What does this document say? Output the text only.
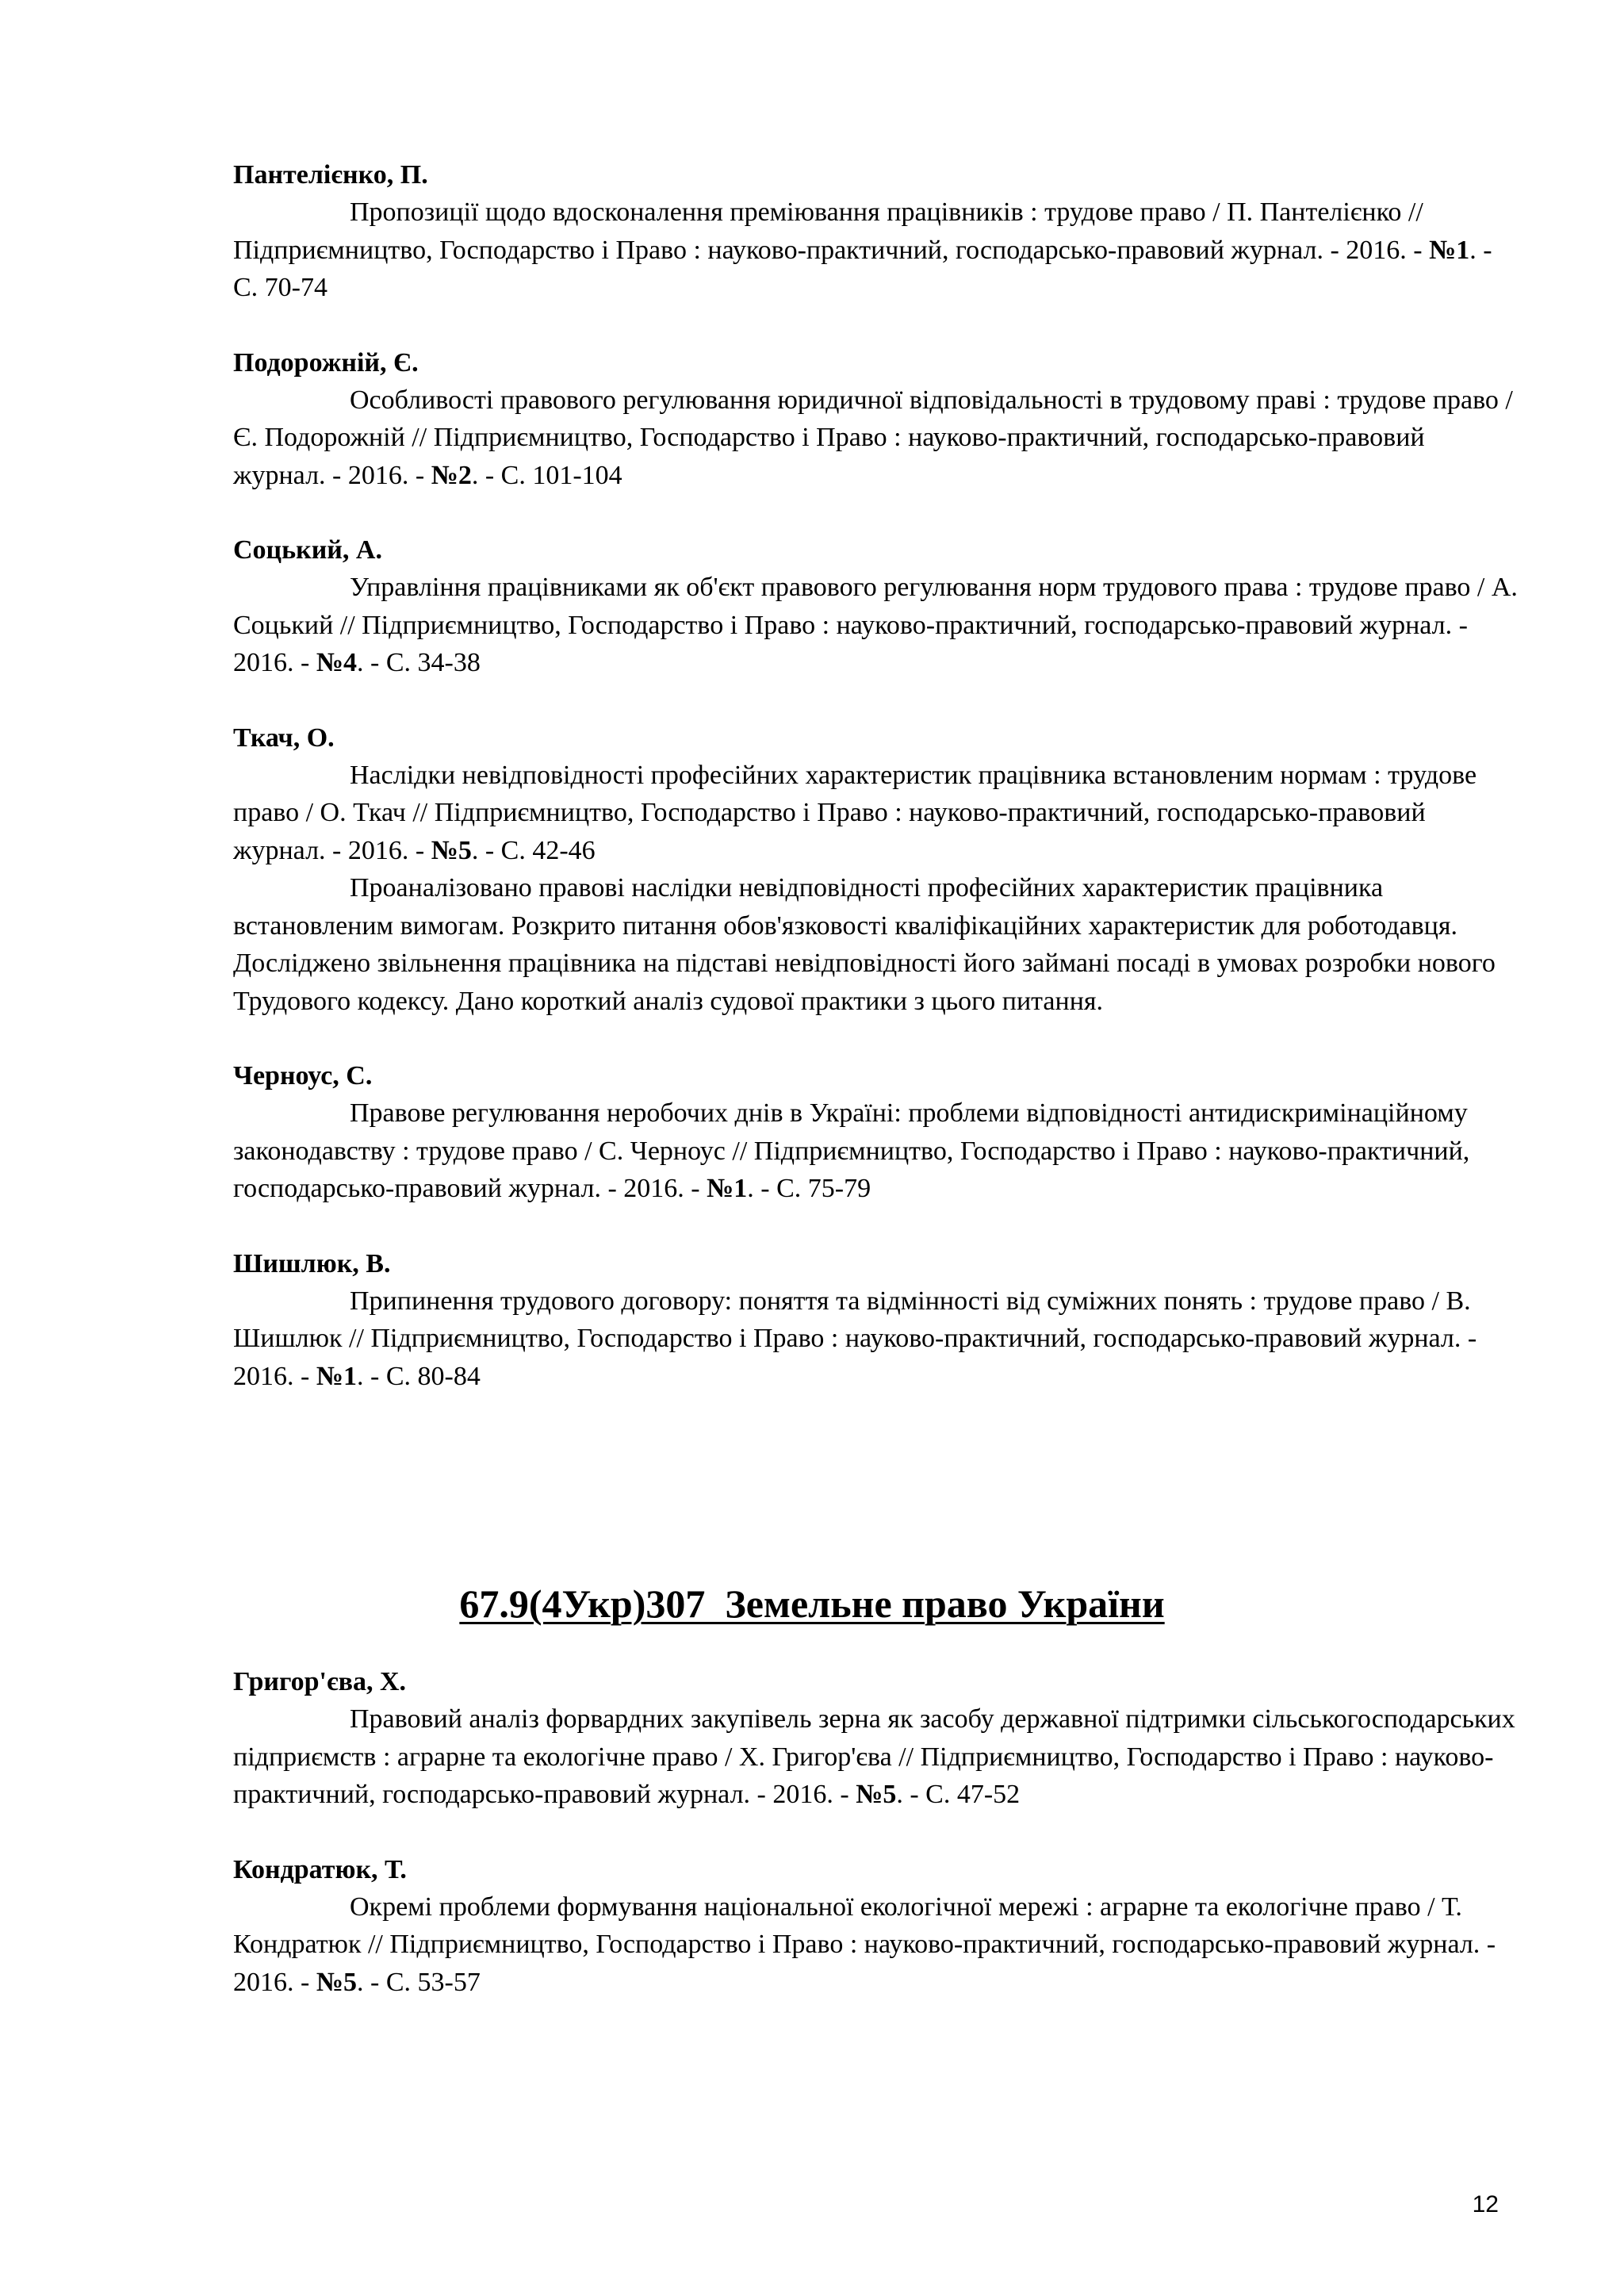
Пантелієнко, П.

Пропозиції щодо вдосконалення преміювання працівників : трудове право / П. Пантелієнко // Підприємництво, Господарство і Право : науково-практичний, господарсько-правовий журнал. - 2016. - №1. - С. 70-74

Подорожній, Є.

Особливості правового регулювання юридичної відповідальності в трудовому праві : трудове право / Є. Подорожній // Підприємництво, Господарство і Право : науково-практичний, господарсько-правовий журнал. - 2016. - №2. - С. 101-104

Соцький, А.

Управління працівниками як об'єкт правового регулювання норм трудового права : трудове право / А. Соцький // Підприємництво, Господарство і Право : науково-практичний, господарсько-правовий журнал. - 2016. - №4. - С. 34-38

Ткач, О.

Наслідки невідповідності професійних характеристик працівника встановленим нормам : трудове право / О. Ткач // Підприємництво, Господарство і Право : науково-практичний, господарсько-правовий журнал. - 2016. - №5. - С. 42-46

Проаналізовано правові наслідки невідповідності професійних характеристик працівника встановленим вимогам. Розкрито питання обов'язковості кваліфікаційних характеристик для роботодавця. Досліджено звільнення працівника на підставі невідповідності його займані посаді в умовах розробки нового Трудового кодексу. Дано короткий аналіз судової практики з цього питання.

Черноус, С.

Правове регулювання неробочих днів в Україні: проблеми відповідності антидискримінаційному законодавству : трудове право / С. Черноус // Підприємництво, Господарство і Право : науково-практичний, господарсько-правовий журнал. - 2016. - №1. - С. 75-79

Шишлюк, В.

Припинення трудового договору: поняття та відмінності від суміжних понять : трудове право / В. Шишлюк // Підприємництво, Господарство і Право : науково-практичний, господарсько-правовий журнал. - 2016. - №1. - С. 80-84

67.9(4Укр)307  Земельне право України

Григор'єва, Х.

Правовий аналіз форвардних закупівель зерна як засобу державної підтримки сільськогосподарських підприємств : аграрне та екологічне право / Х. Григор'єва // Підприємництво, Господарство і Право : науково-практичний, господарсько-правовий журнал. - 2016. - №5. - С. 47-52

Кондратюк, Т.

Окремі проблеми формування національної екологічної мережі : аграрне та екологічне право / Т. Кондратюк // Підприємництво, Господарство і Право : науково-практичний, господарсько-правовий журнал. - 2016. - №5. - С. 53-57

12
